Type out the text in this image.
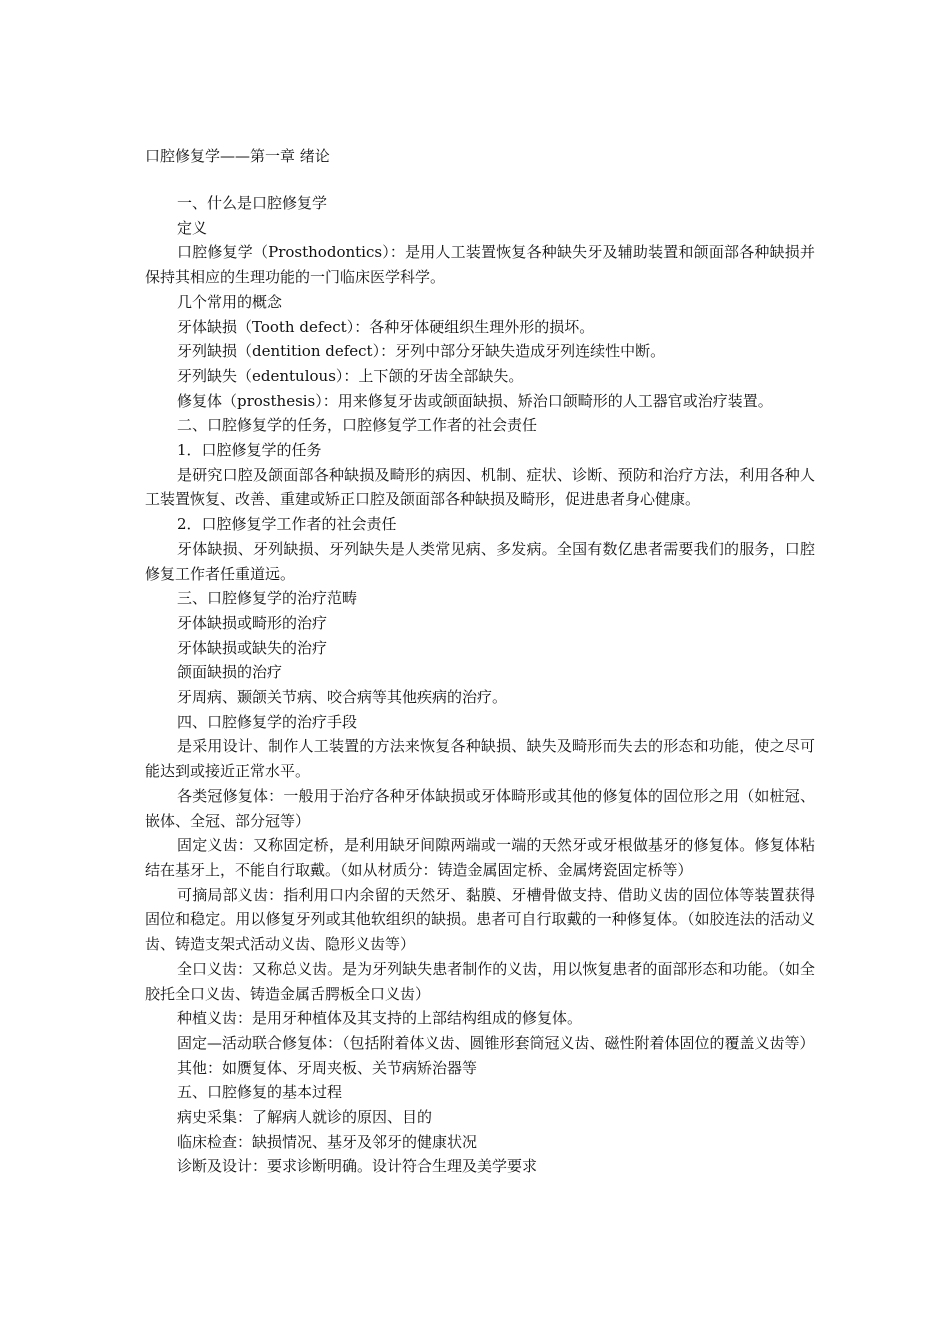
口腔修复学——第一章 绪论

一、什么是口腔修复学

定义

口腔修复学（Prosthodontics）：是用人工装置恢复各种缺失牙及辅助装置和颌面部各种缺损并保持其相应的生理功能的一门临床医学科学。

几个常用的概念

牙体缺损（Tooth defect）：各种牙体硬组织生理外形的损坏。

牙列缺损（dentition defect）：牙列中部分牙缺失造成牙列连续性中断。

牙列缺失（edentulous）：上下颌的牙齿全部缺失。

修复体（prosthesis）：用来修复牙齿或颌面缺损、矫治口颌畸形的人工器官或治疗装置。

二、口腔修复学的任务，口腔修复学工作者的社会责任

1．口腔修复学的任务

是研究口腔及颌面部各种缺损及畸形的病因、机制、症状、诊断、预防和治疗方法，利用各种人工装置恢复、改善、重建或矫正口腔及颌面部各种缺损及畸形，促进患者身心健康。

2．口腔修复学工作者的社会责任

牙体缺损、牙列缺损、牙列缺失是人类常见病、多发病。全国有数亿患者需要我们的服务，口腔修复工作者任重道远。

三、口腔修复学的治疗范畴

牙体缺损或畸形的治疗

牙体缺损或缺失的治疗

颌面缺损的治疗

牙周病、颞颌关节病、咬合病等其他疾病的治疗。

四、口腔修复学的治疗手段

是采用设计、制作人工装置的方法来恢复各种缺损、缺失及畸形而失去的形态和功能，使之尽可能达到或接近正常水平。

各类冠修复体：一般用于治疗各种牙体缺损或牙体畸形或其他的修复体的固位形之用（如桩冠、嵌体、全冠、部分冠等）

固定义齿：又称固定桥，是利用缺牙间隙两端或一端的天然牙或牙根做基牙的修复体。修复体粘结在基牙上，不能自行取戴。（如从材质分：铸造金属固定桥、金属烤瓷固定桥等）

可摘局部义齿：指利用口内余留的天然牙、黏膜、牙槽骨做支持、借助义齿的固位体等装置获得固位和稳定。用以修复牙列或其他软组织的缺损。患者可自行取戴的一种修复体。（如胶连法的活动义齿、铸造支架式活动义齿、隐形义齿等）

全口义齿：又称总义齿。是为牙列缺失患者制作的义齿，用以恢复患者的面部形态和功能。（如全胶托全口义齿、铸造金属舌腭板全口义齿）

种植义齿：是用牙种植体及其支持的上部结构组成的修复体。

固定—活动联合修复体：（包括附着体义齿、圆锥形套筒冠义齿、磁性附着体固位的覆盖义齿等）

其他：如赝复体、牙周夹板、关节病矫治器等

五、口腔修复的基本过程

病史采集：了解病人就诊的原因、目的

临床检查：缺损情况、基牙及邻牙的健康状况

诊断及设计：要求诊断明确。设计符合生理及美学要求
